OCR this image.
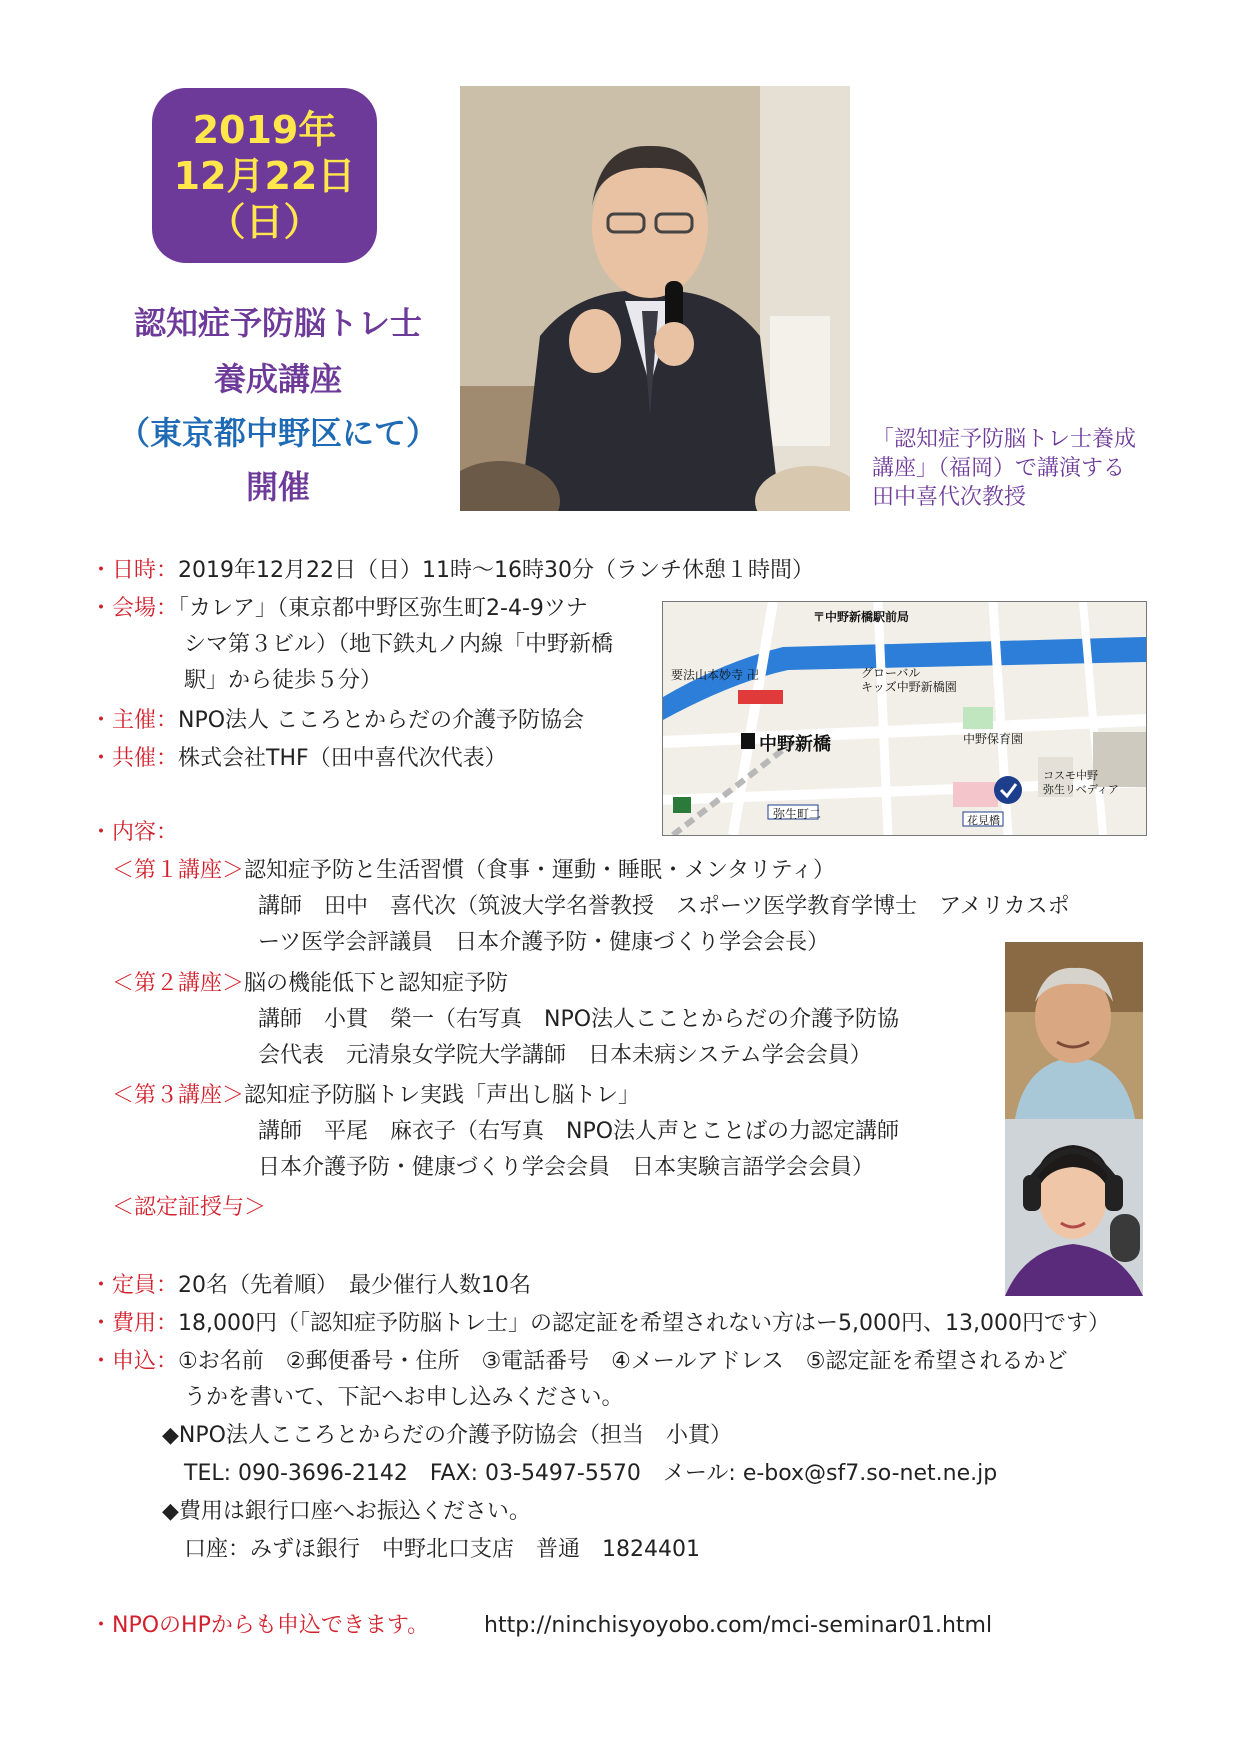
2019年
12月22日
（日）
認知症予防脳トレ士
養成講座
（東京都中野区にて）
開催
「認知症予防脳トレ士養成
講座」（福岡）で講演する
田中喜代次教授
・日時：2019年12月22日（日）11時～16時30分（ランチ休憩１時間）
・会場：「カレア」（東京都中野区弥生町2-4-9ツナ
シマ第３ビル）（地下鉄丸ノ内線「中野新橋
駅」から徒歩５分）
・主催：NPO法人 こころとからだの介護予防協会
・共催：株式会社THF（田中喜代次代表）
・内容：
〒中野新橋駅前局
要法山本妙寺 卍	グローバル
キッズ中野新橋園
中野新橋	中野保育園
弥生町二
コスモ中野
弥生リベディア
花見橋
＜第１講座＞認知症予防と生活習慣（食事・運動・睡眠・メンタリティ）
講師　田中　喜代次（筑波大学名誉教授　スポーツ医学教育学博士　アメリカスポ
ーツ医学会評議員　日本介護予防・健康づくり学会会長）
＜第２講座＞脳の機能低下と認知症予防
講師　小貫　榮一（右写真　NPO法人こことからだの介護予防協
会代表　元清泉女学院大学講師　日本未病システム学会会員）
＜第３講座＞認知症予防脳トレ実践「声出し脳トレ」
講師　平尾　麻衣子（右写真　NPO法人声とことばの力認定講師
日本介護予防・健康づくり学会会員　日本実験言語学会会員）
＜認定証授与＞
・定員：20名（先着順）　最少催行人数10名
・費用：18,000円（「認知症予防脳トレ士」の認定証を希望されない方はー5,000円、13,000円です）
・申込：①お名前　②郵便番号・住所　③電話番号　④メールアドレス　⑤認定証を希望されるかど
うかを書いて、下記へお申し込みください。
◆NPO法人こころとからだの介護予防協会（担当　小貫）
TEL: 090-3696-2142　FAX: 03-5497-5570　メール: e-box@sf7.so-net.ne.jp
◆費用は銀行口座へお振込ください。
口座：みずほ銀行　中野北口支店　普通　1824401
・NPOのHPからも申込できます。 http://ninchisyoyobo.com/mci-seminar01.html
